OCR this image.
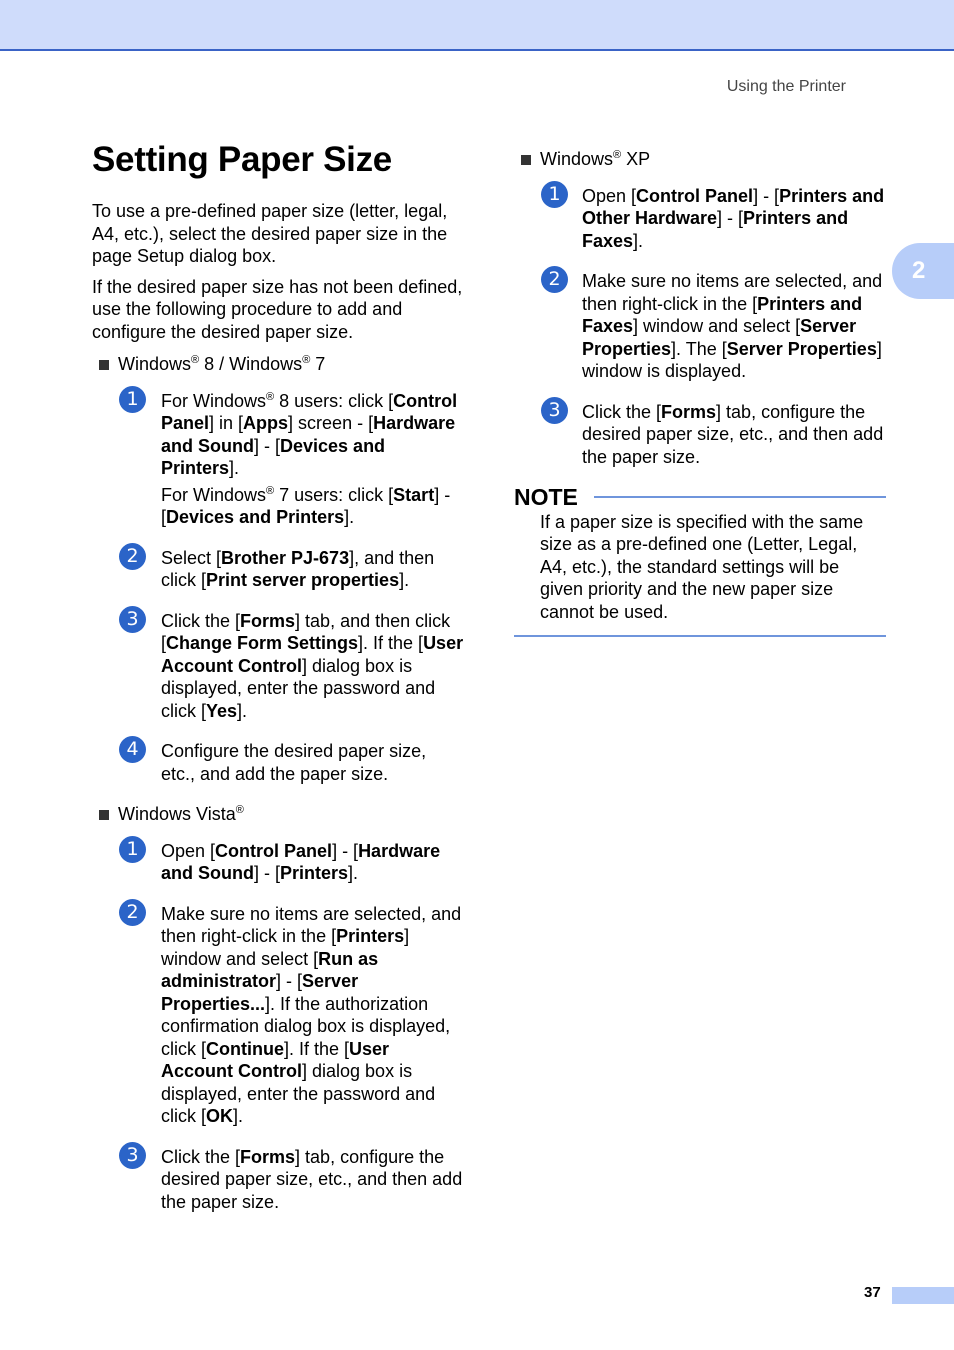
Using the Printer
2
Setting Paper Size

To use a pre-defined paper size (letter, legal, A4, etc.), select the desired paper size in the page Setup dialog box.

If the desired paper size has not been defined, use the following procedure to add and configure the desired paper size.

Windows® 8 / Windows® 7

1	For Windows® 8 users: click [Control Panel] in [Apps] screen - [Hardware and Sound] - [Devices and Printers].

For Windows® 7 users: click [Start] - [Devices and Printers].

2	Select [Brother PJ-673], and then click [Print server properties].

3	Click the [Forms] tab, and then click [Change Form Settings]. If the [User Account Control] dialog box is displayed, enter the password and click [Yes].

4	Configure the desired paper size, etc., and add the paper size.

Windows Vista®

1	Open [Control Panel] - [Hardware and Sound] - [Printers].

2	Make sure no items are selected, and then right-click in the [Printers] window and select [Run as administrator] - [Server Properties...]. If the authorization confirmation dialog box is displayed, click [Continue]. If the [User Account Control] dialog box is displayed, enter the password and click [OK].

3	Click the [Forms] tab, configure the desired paper size, etc., and then add the paper size.

Windows® XP

1	Open [Control Panel] - [Printers and Other Hardware] - [Printers and Faxes].

2	Make sure no items are selected, and then right-click in the [Printers and Faxes] window and select [Server Properties]. The [Server Properties] window is displayed.

3	Click the [Forms] tab, configure the desired paper size, etc., and then add the paper size.

NOTE

If a paper size is specified with the same size as a pre-defined one (Letter, Legal, A4, etc.), the standard settings will be given priority and the new paper size cannot be used.

37
